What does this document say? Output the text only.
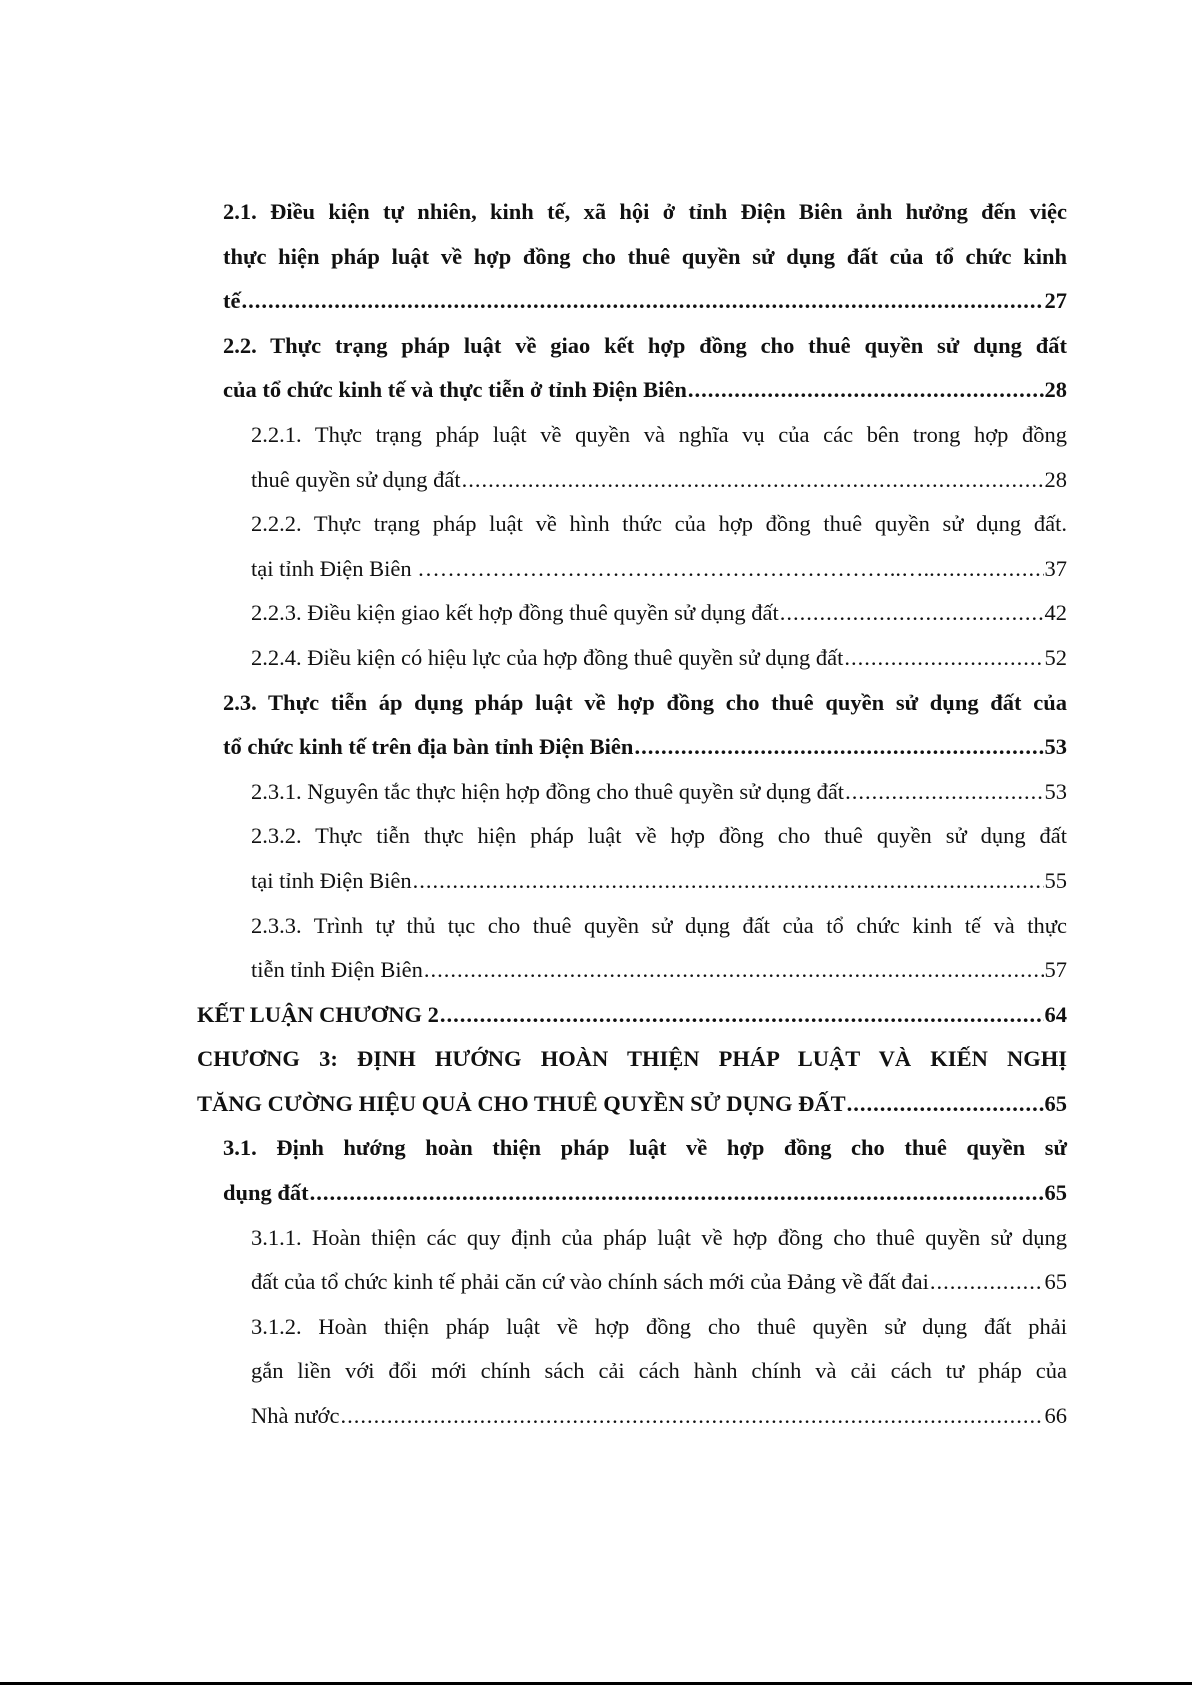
2.1. Điều kiện tự nhiên, kinh tế, xã hội ở tỉnh Điện Biên ảnh hưởng đến việc
thực hiện pháp luật về hợp đồng cho thuê quyền sử dụng đất của tổ chức kinh
tế .....	27
2.2. Thực trạng pháp luật về giao kết hợp đồng cho thuê quyền sử dụng đất
của tổ chức kinh tế và thực tiễn ở tỉnh Điện Biên .....	28
2.2.1. Thực trạng pháp luật về quyền và nghĩa vụ của các bên trong hợp đồng
thuê quyền sử dụng đất .....	28
2.2.2. Thực trạng pháp luật về hình thức của hợp đồng thuê quyền sử dụng đất.
tại tỉnh Điện Biên ………………………………………………………..….. .....	37
2.2.3. Điều kiện giao kết hợp đồng thuê quyền sử dụng đất .....	42
2.2.4. Điều kiện có hiệu lực của hợp đồng thuê quyền sử dụng đất .....	52
2.3. Thực tiễn áp dụng pháp luật về hợp đồng cho thuê quyền sử dụng đất của
tổ chức kinh tế trên địa bàn tỉnh Điện Biên .....	53
2.3.1. Nguyên tắc thực hiện hợp đồng cho thuê quyền sử dụng đất .....	53
2.3.2. Thực tiễn thực hiện pháp luật về hợp đồng cho thuê quyền sử dụng đất
tại tỉnh Điện Biên .....	55
2.3.3. Trình tự thủ tục cho thuê quyền sử dụng đất của tổ chức kinh tế và thực
tiễn tỉnh Điện Biên .....	57
KẾT LUẬN CHƯƠNG 2 .....	64
CHƯƠNG 3: ĐỊNH HƯỚNG HOÀN THIỆN PHÁP LUẬT VÀ KIẾN NGHỊ
TĂNG CƯỜNG HIỆU QUẢ CHO THUÊ QUYỀN SỬ DỤNG ĐẤT .....	65
3.1. Định hướng hoàn thiện pháp luật về hợp đồng cho thuê quyền sử
dụng đất .....	65
3.1.1. Hoàn thiện các quy định của pháp luật về hợp đồng cho thuê quyền sử dụng
đất của tổ chức kinh tế phải căn cứ vào chính sách mới của Đảng về đất đai .....	65
3.1.2. Hoàn thiện pháp luật về hợp đồng cho thuê quyền sử dụng đất phải
gắn liền với đổi mới chính sách cải cách hành chính và cải cách tư pháp của
Nhà nước .....	66
